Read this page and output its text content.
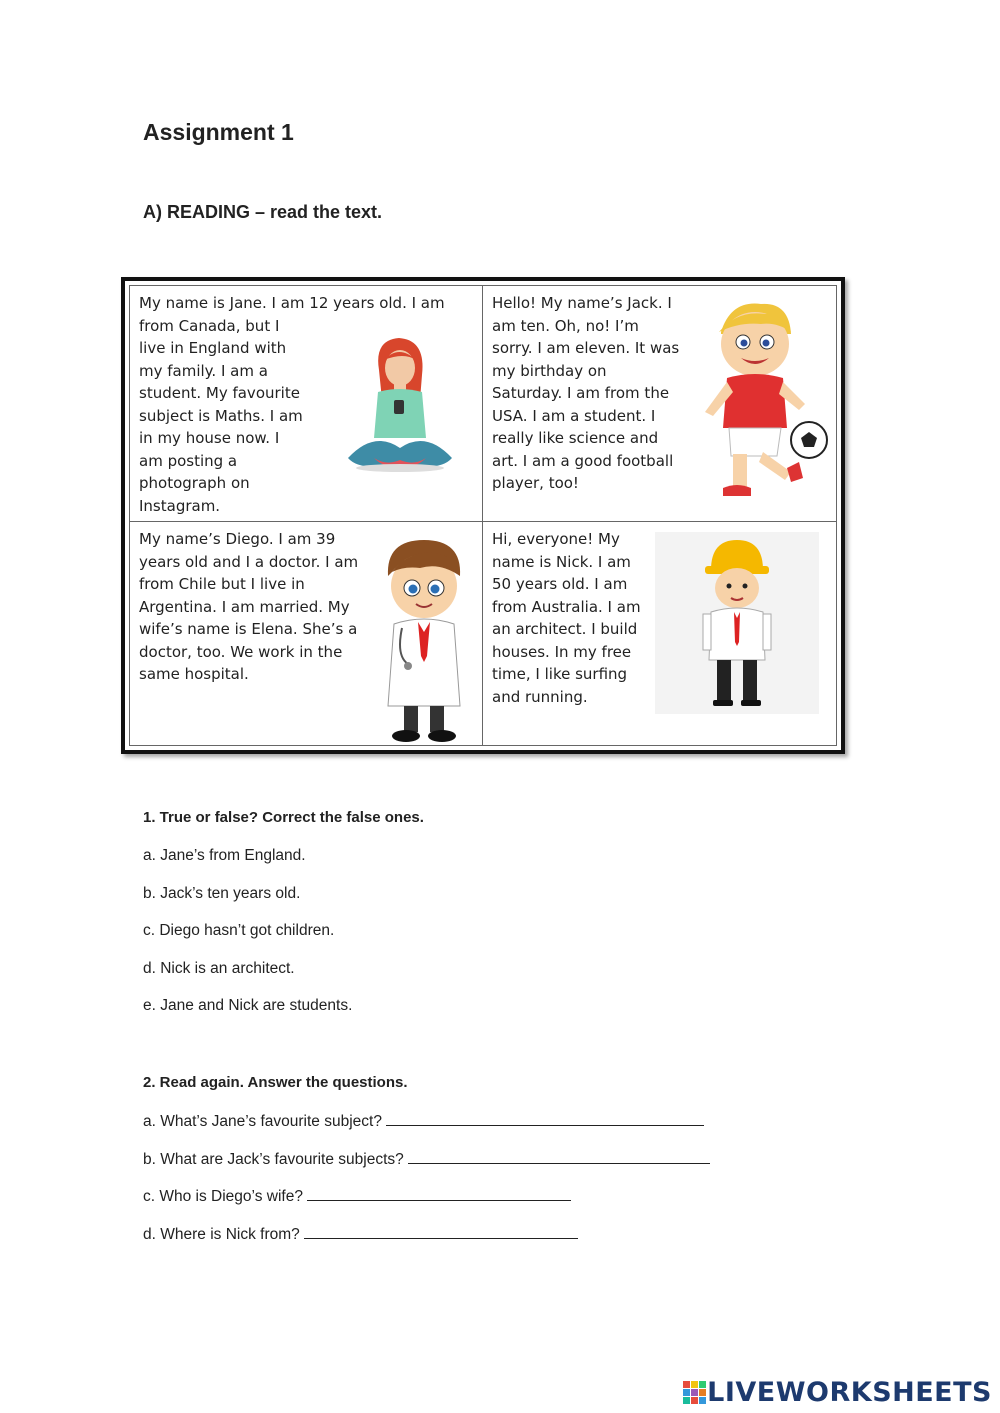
Assignment 1
A) READING – read the text.

My name is Jane. I am 12 years old. I am
from Canada, but I
live in England with
my family. I am a
student. My favourite
subject is Maths. I am
in my house now. I
am posting a
photograph on
Instagram.

Hello! My name’s Jack. I
am ten. Oh, no! I’m
sorry. I am eleven. It was
my birthday on
Saturday. I am from the
USA. I am a student. I
really like science and
art. I am a good football
player, too!

My name’s Diego. I am 39
years old and I a doctor. I am
from Chile but I live in
Argentina. I am married. My
wife’s name is Elena. She’s a
doctor, too. We work in the
same hospital.

Hi, everyone! My
name is Nick. I am
50 years old. I am
from Australia. I am
an architect. I build
houses. In my free
time, I like surfing
and running.

1. True or false? Correct the false ones.

a. Jane’s from England.

b. Jack’s ten years old.

c. Diego hasn’t got children.

d. Nick is an architect.

e. Jane and Nick are students.

2. Read again. Answer the questions.

a. What’s Jane’s favourite subject?
b. What are Jack’s favourite subjects?
c. Who is Diego’s wife?
d. Where is Nick from?
LIVEWORKSHEETS
